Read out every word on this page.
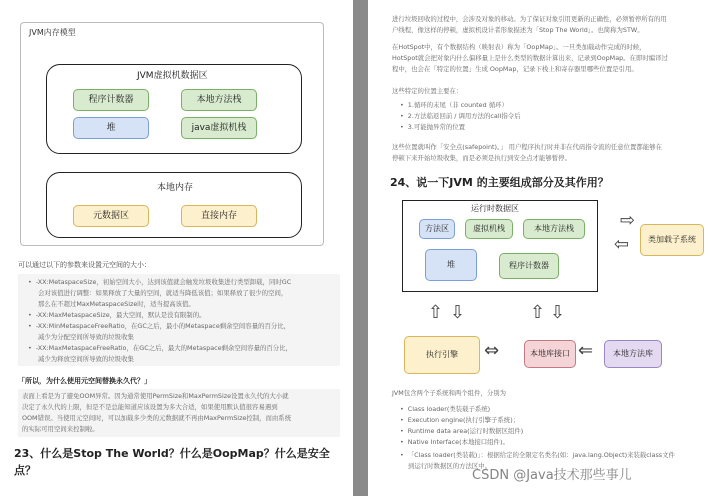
JVM内存模型
JVM虚拟机数据区
程序计数器	本地方法栈
堆	java虚拟机栈
本地内存
元数据区	直接内存
可以通过以下的参数来设置元空间的大小：
• -XX:MetaspaceSize，初始空间大小，达到该值就会触发垃圾收集进行类型卸载，同时GC
会对该值进行调整：如果释放了大量的空间，就适当降低该值；如果释放了很少的空间，
那么在不超过MaxMetaspaceSize时，适当提高该值。
• -XX:MaxMetaspaceSize，最大空间，默认是没有限制的。
• -XX:MinMetaspaceFreeRatio，在GC之后，最小的Metaspace剩余空间容量的百分比，
减少为分配空间所导致的垃圾收集
• -XX:MaxMetaspaceFreeRatio，在GC之后，最大的Metaspace剩余空间容量的百分比，
减少为释放空间所导致的垃圾收集
「所以，为什么使用元空间替换永久代？」
表面上看是为了避免OOM异常。因为通常使用PermSize和MaxPermSize设置永久代的大小就
决定了永久代的上限，但是不是总能知道应该设置为多大合适，如果使用默认值很容易遇到
OOM错误。当使用元空间时，可以加载多少类的元数据就不再由MaxPermSize控制，而由系统
的实际可用空间来控制啦。
23、什么是Stop The World？什么是OopMap？什么是安全
点？
进行垃圾回收的过程中，会涉及对象的移动。为了保证对象引用更新的正确性，必须暂停所有的用
户线程，像这样的停顿，虚拟机设计者形象描述为「Stop The World」。也简称为STW。
在HotSpot中，有个数据结构（映射表）称为「OopMap」。一旦类加载动作完成的时候，
HotSpot就会把对象内什么偏移量上是什么类型的数据计算出来，记录到OopMap。在即时编译过
程中，也会在「特定的位置」生成 OopMap，记录下栈上和寄存器里哪些位置是引用。
这些特定的位置主要在：
• 1.循环的末尾（非 counted 循环）
• 2.方法临返回前 / 调用方法的call指令后
• 3.可能抛异常的位置
这些位置就叫作「安全点(safepoint)。」 用户程序执行时并非在代码指令流的任意位置都能够在
停顿下来开始垃圾收集，而是必须是执行到安全点才能够暂停。
24、说一下JVM 的主要组成部分及其作用？
运行时数据区
方法区	虚拟机栈	本地方法栈
堆	程序计数器
⇨
⇦	类加载子系统
⇧ ⇩	⇧ ⇩
执行引擎	⇔	本地库接口 ⇐	本地方法库
JVM包含两个子系统和两个组件，分别为
• Class loader(类装载子系统)
• Execution engine(执行引擎子系统)；
• Runtime data area(运行时数据区组件)
• Native Interface(本地接口组件)。
• 「Class loader(类装载)」：根据给定的全限定名类名(如：java.lang.Object)来装载class文件
到运行时数据区的方法区中。
CSDN @Java技术那些事儿
